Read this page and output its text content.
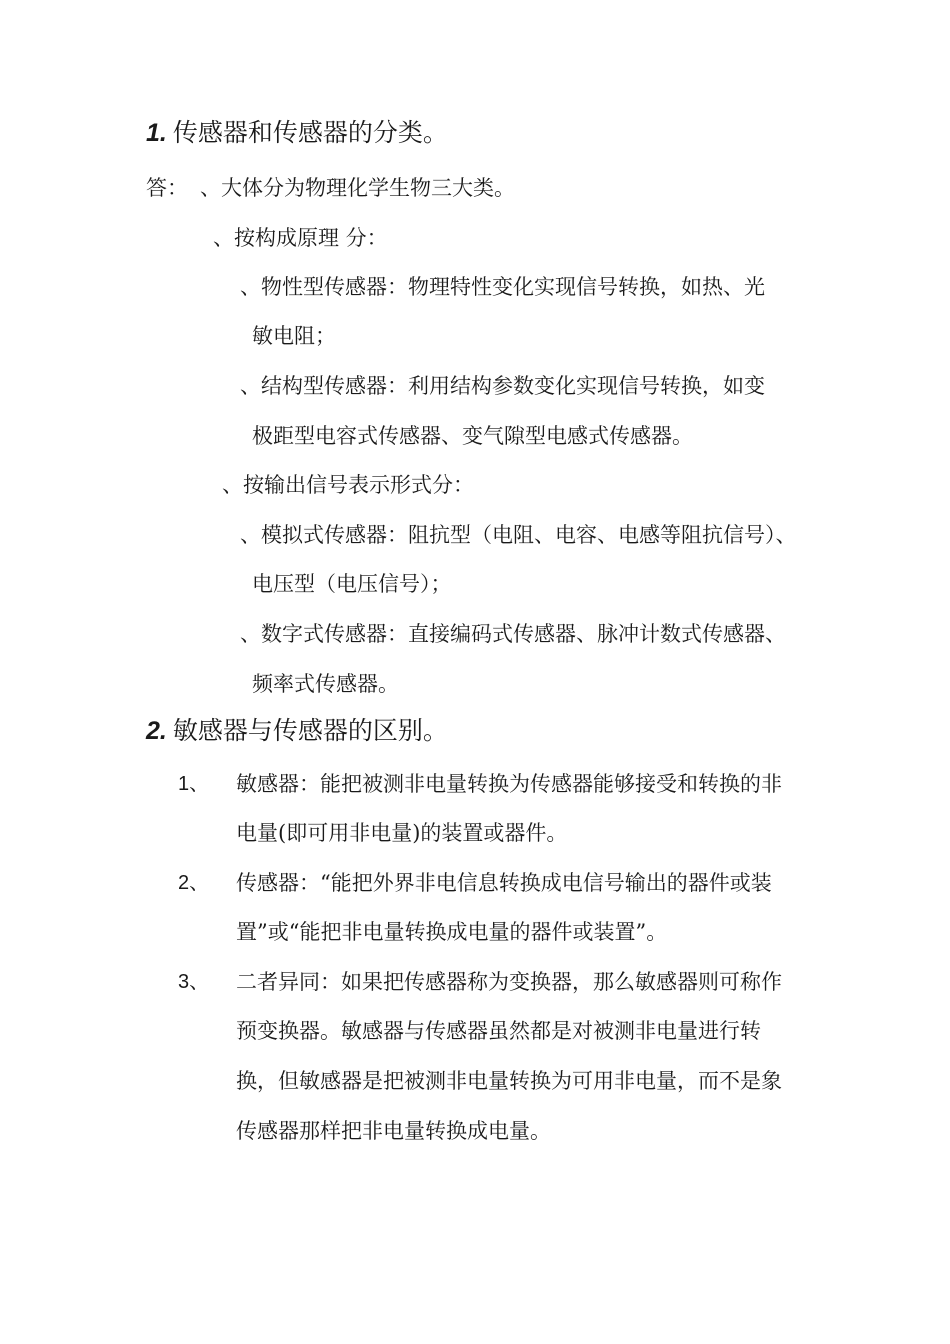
1. 传感器和传感器的分类。
答： 、大体分为物理化学生物三大类。
、按构成原理 分：
、物性型传感器：物理特性变化实现信号转换，如热、光
敏电阻；
、结构型传感器：利用结构参数变化实现信号转换，如变
极距型电容式传感器、变气隙型电感式传感器。
、按输出信号表示形式分：
、模拟式传感器：阻抗型（电阻、电容、电感等阻抗信号）、
电压型（电压信号）；
、数字式传感器：直接编码式传感器、脉冲计数式传感器、
频率式传感器。
2. 敏感器与传感器的区别。
1、 敏感器：能把被测非电量转换为传感器能够接受和转换的非
电量(即可用非电量)的装置或器件。
2、 传感器：“能把外界非电信息转换成电信号输出的器件或装
置”或“能把非电量转换成电量的器件或装置”。
3、 二者异同：如果把传感器称为变换器，那么敏感器则可称作
预变换器。敏感器与传感器虽然都是对被测非电量进行转
换，但敏感器是把被测非电量转换为可用非电量，而不是象
传感器那样把非电量转换成电量。
